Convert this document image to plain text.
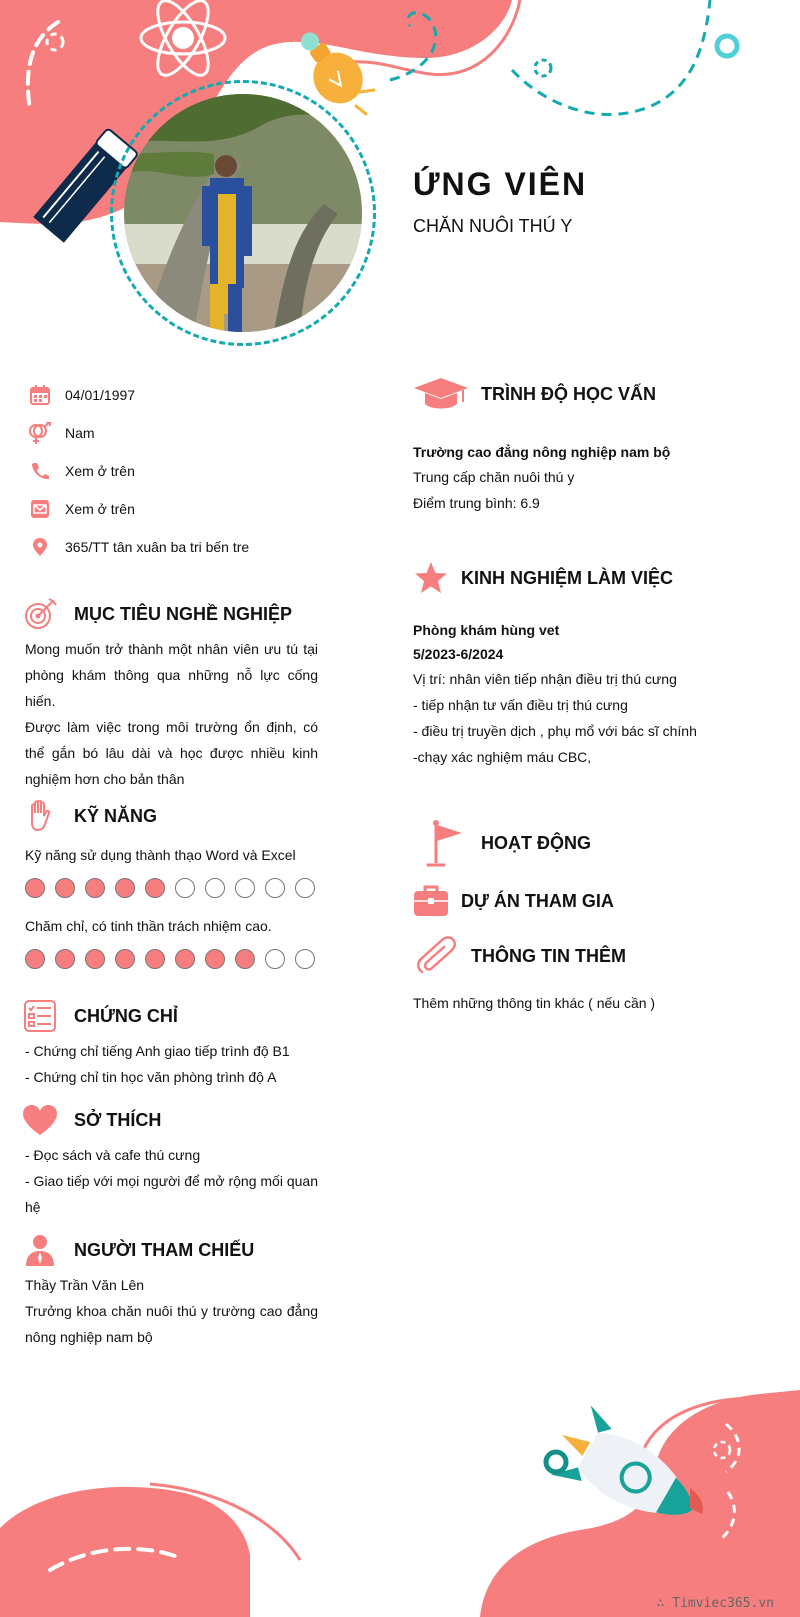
ỨNG VIÊN
CHĂN NUÔI THÚ Y
04/01/1997
Nam
Xem ở trên
Xem ở trên
365/TT tân xuân ba tri bến tre
MỤC TIÊU NGHỀ NGHIỆP
Mong muốn trở thành một nhân viên ưu tú tại phòng khám thông qua những nỗ lực cống hiến.
Được làm việc trong môi trường ổn định, có thể gắn bó lâu dài và học được nhiều kinh nghiệm hơn cho bản thân
KỸ NĂNG
Kỹ năng sử dụng thành thạo Word và Excel
Chăm chỉ, có tinh thần trách nhiệm cao.
CHỨNG CHỈ
- Chứng chỉ tiếng Anh giao tiếp trình độ B1
- Chứng chỉ tin học văn phòng trình độ A
SỞ THÍCH
- Đọc sách và cafe thú cưng
- Giao tiếp với mọi người để mở rộng mối quan hệ
NGƯỜI THAM CHIẾU
Thầy Trần Văn Lên
Trưởng khoa chăn nuôi thú y trường cao đẳng nông nghiệp nam bộ
TRÌNH ĐỘ HỌC VẤN
Trường cao đẳng nông nghiệp nam bộ
Trung cấp chăn nuôi thú y
Điểm trung bình: 6.9
KINH NGHIỆM LÀM VIỆC
Phòng khám hùng vet
5/2023-6/2024
Vị trí: nhân viên tiếp nhận điều trị thú cưng
- tiếp nhận tư vấn điều trị thú cưng
- điều trị truyền dịch , phụ mổ với bác sĩ chính
-chạy xác nghiệm máu CBC,
HOẠT ĐỘNG
DỰ ÁN THAM GIA
THÔNG TIN THÊM
Thêm những thông tin khác ( nếu cần )
∴ Timviec365.vn
